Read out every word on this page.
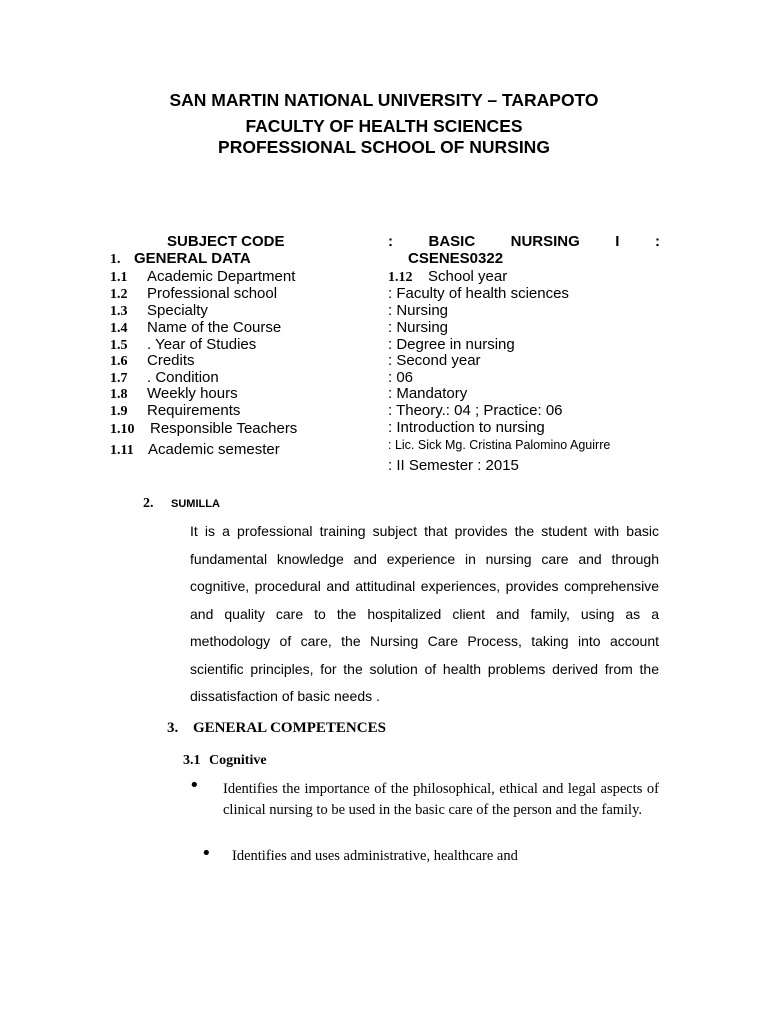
SAN MARTIN NATIONAL UNIVERSITY – TARAPOTO
FACULTY OF HEALTH SCIENCES
PROFESSIONAL SCHOOL OF NURSING
SUBJECT CODE	: BASIC NURSING I :
CSENES0322
1. GENERAL DATA
1.1 Academic Department
1.2 Professional school
1.3 Specialty
1.4 Name of the Course
1.5 . Year of Studies
1.6 Credits
1.7 . Condition
1.8 Weekly hours
1.9 Requirements
1.10 Responsible Teachers
1.11 Academic semester
1.12 School year
: Faculty of health sciences
: Nursing
: Nursing
: Degree in nursing
: Second year
: 06
: Mandatory
: Theory.: 04 ; Practice: 06
: Introduction to nursing
: Lic. Sick Mg. Cristina Palomino Aguirre
: II Semester : 2015
2. SUMILLA
It is a professional training subject that provides the student with basic fundamental knowledge and experience in nursing care and through cognitive, procedural and attitudinal experiences, provides comprehensive and quality care to the hospitalized client and family, using as a methodology of care, the Nursing Care Process, taking into account scientific principles, for the solution of health problems derived from the dissatisfaction of basic needs .
3. GENERAL COMPETENCES
3.1 Cognitive
• Identifies the importance of the philosophical, ethical and legal aspects of clinical nursing to be used in the basic care of the person and the family.
• Identifies and uses administrative, healthcare and
